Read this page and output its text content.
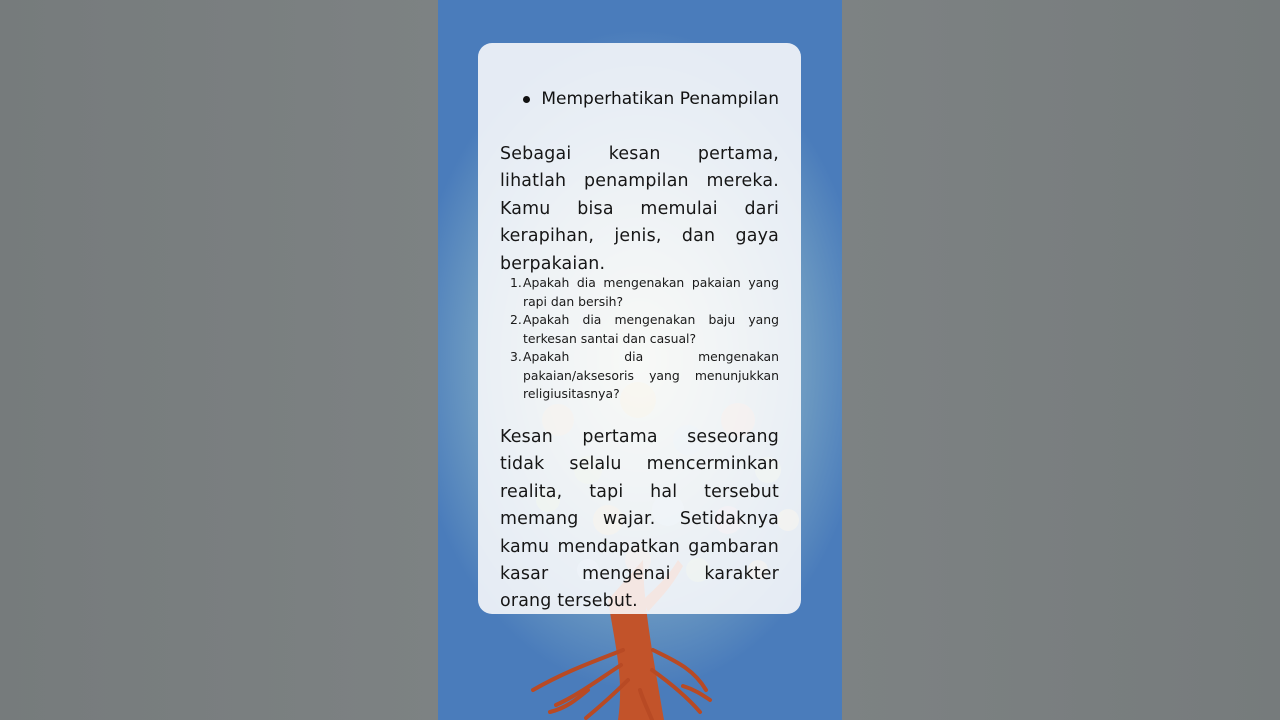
Memperhatikan Penampilan
Sebagai kesan pertama, lihatlah penampilan mereka. Kamu bisa memulai dari kerapihan, jenis, dan gaya berpakaian.
1. Apakah dia mengenakan pakaian yang rapi dan bersih?
2. Apakah dia mengenakan baju yang terkesan santai dan casual?
3. Apakah dia mengenakan pakaian/aksesoris yang menunjukkan religiusitasnya?
Kesan pertama seseorang tidak selalu mencerminkan realita, tapi hal tersebut memang wajar. Setidaknya kamu mendapatkan gambaran kasar mengenai karakter orang tersebut.
